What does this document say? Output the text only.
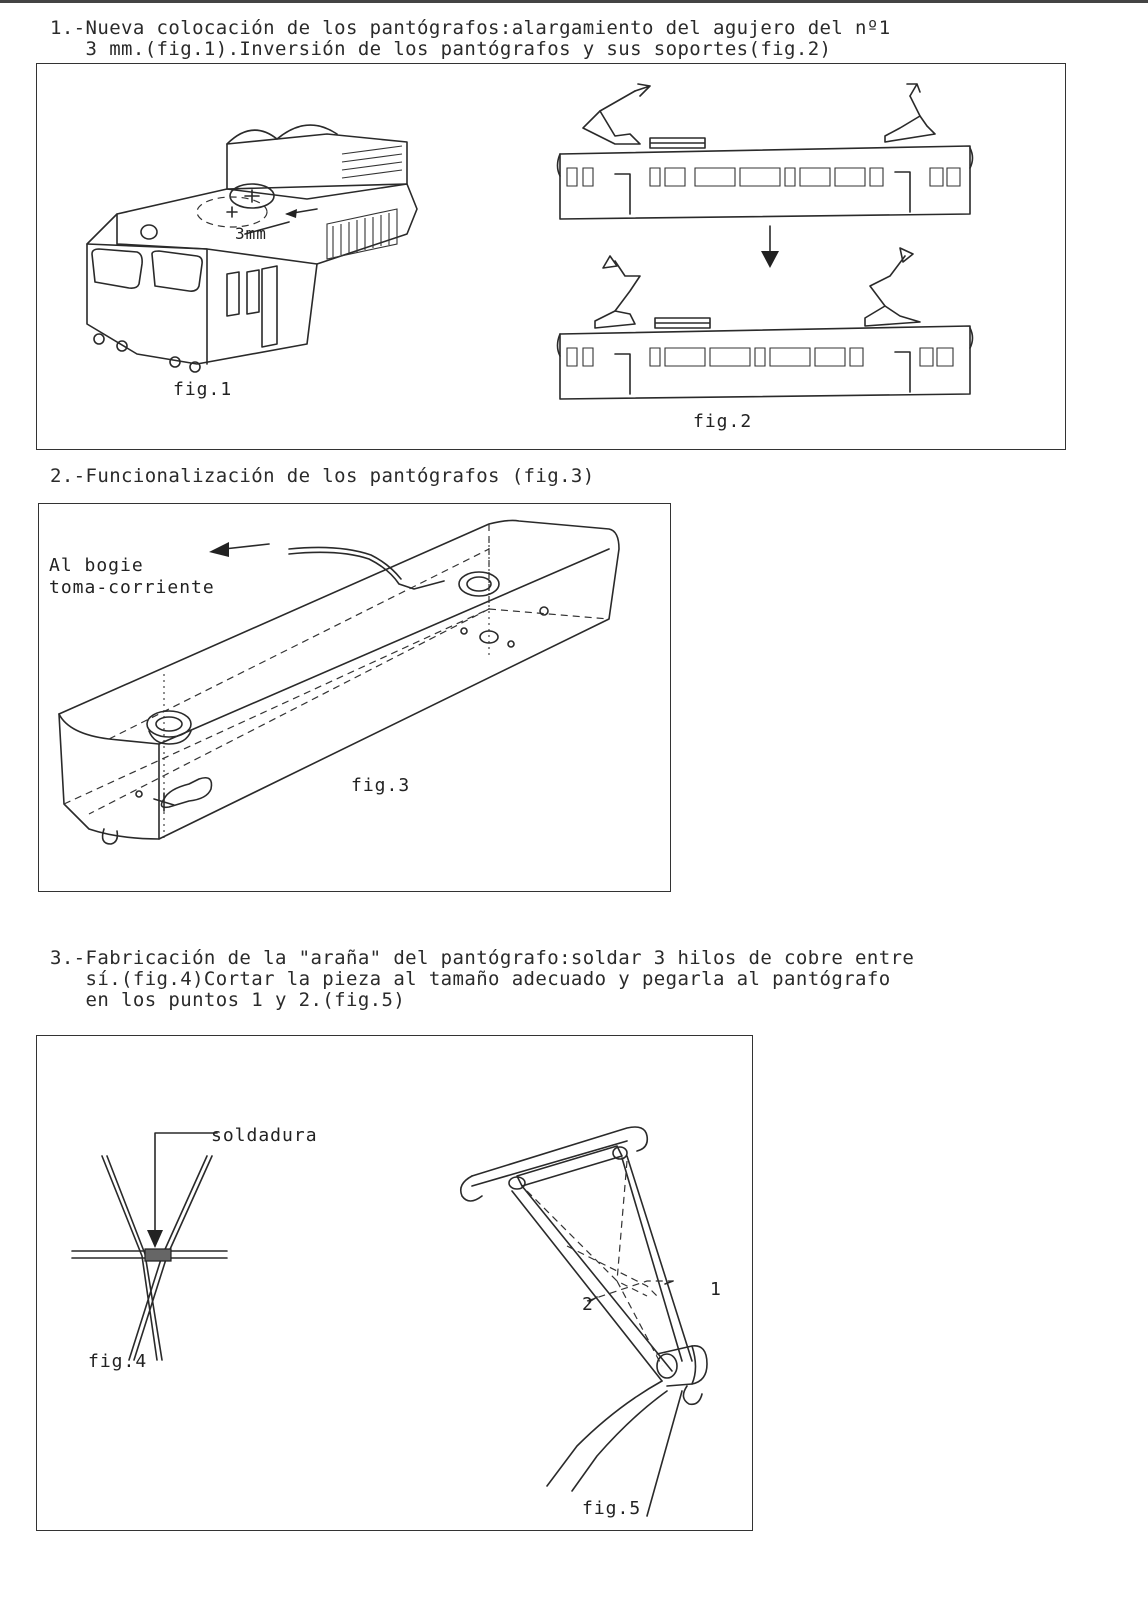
1.-Nueva colocación de los pantógrafos:alargamiento del agujero del nº1
3 mm.(fig.1).Inversión de los pantógrafos y sus soportes(fig.2)
3mm
fig.1
fig.2
2.-Funcionalización de los pantógrafos (fig.3)
Al bogie
toma-corriente
fig.3
3.-Fabricación de la "araña" del pantógrafo:soldar 3 hilos de cobre entre
sí.(fig.4)Cortar la pieza al tamaño adecuado y pegarla al pantógrafo
en los puntos 1 y 2.(fig.5)
soldadura
fig.4
1
2
fig.5
